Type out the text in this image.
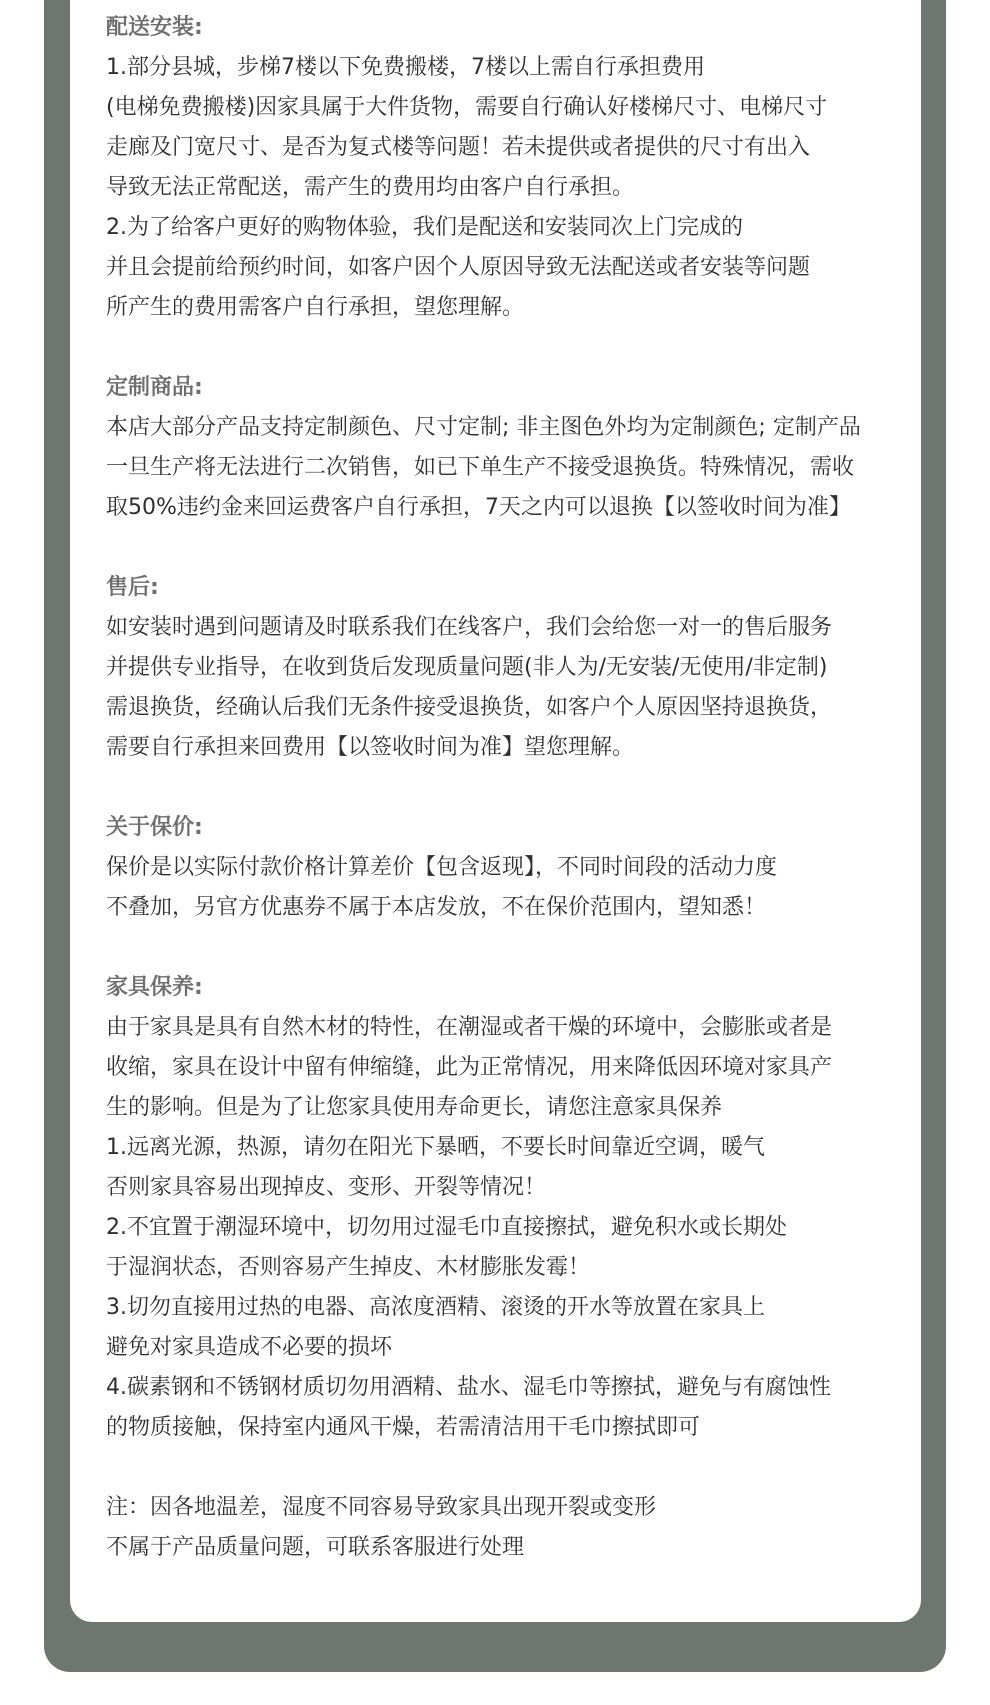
配送安装:
1.部分县城，步梯7楼以下免费搬楼，7楼以上需自行承担费用
(电梯免费搬楼)因家具属于大件货物，需要自行确认好楼梯尺寸、电梯尺寸
走廊及门宽尺寸、是否为复式楼等问题！若未提供或者提供的尺寸有出入
导致无法正常配送，需产生的费用均由客户自行承担。
2.为了给客户更好的购物体验，我们是配送和安装同次上门完成的
并且会提前给预约时间，如客户因个人原因导致无法配送或者安装等问题
所产生的费用需客户自行承担，望您理解。
定制商品:
本店大部分产品支持定制颜色、尺寸定制; 非主图色外均为定制颜色; 定制产品
一旦生产将无法进行二次销售，如已下单生产不接受退换货。特殊情况，需收
取50%违约金来回运费客户自行承担，7天之内可以退换【以签收时间为准】
售后:
如安装时遇到问题请及时联系我们在线客户，我们会给您一对一的售后服务
并提供专业指导，在收到货后发现质量问题(非人为/无安装/无使用/非定制)
需退换货，经确认后我们无条件接受退换货，如客户个人原因坚持退换货，
需要自行承担来回费用【以签收时间为准】望您理解。
关于保价:
保价是以实际付款价格计算差价【包含返现】，不同时间段的活动力度
不叠加，另官方优惠券不属于本店发放，不在保价范围内，望知悉！
家具保养:
由于家具是具有自然木材的特性，在潮湿或者干燥的环境中，会膨胀或者是
收缩，家具在设计中留有伸缩缝，此为正常情况，用来降低因环境对家具产
生的影响。但是为了让您家具使用寿命更长，请您注意家具保养
1.远离光源，热源，请勿在阳光下暴晒，不要长时间靠近空调，暖气
否则家具容易出现掉皮、变形、开裂等情况！
2.不宜置于潮湿环境中，切勿用过湿毛巾直接擦拭，避免积水或长期处
于湿润状态，否则容易产生掉皮、木材膨胀发霉！
3.切勿直接用过热的电器、高浓度酒精、滚烫的开水等放置在家具上
避免对家具造成不必要的损坏
4.碳素钢和不锈钢材质切勿用酒精、盐水、湿毛巾等擦拭，避免与有腐蚀性
的物质接触，保持室内通风干燥，若需清洁用干毛巾擦拭即可
注：因各地温差，湿度不同容易导致家具出现开裂或变形
不属于产品质量问题，可联系客服进行处理
